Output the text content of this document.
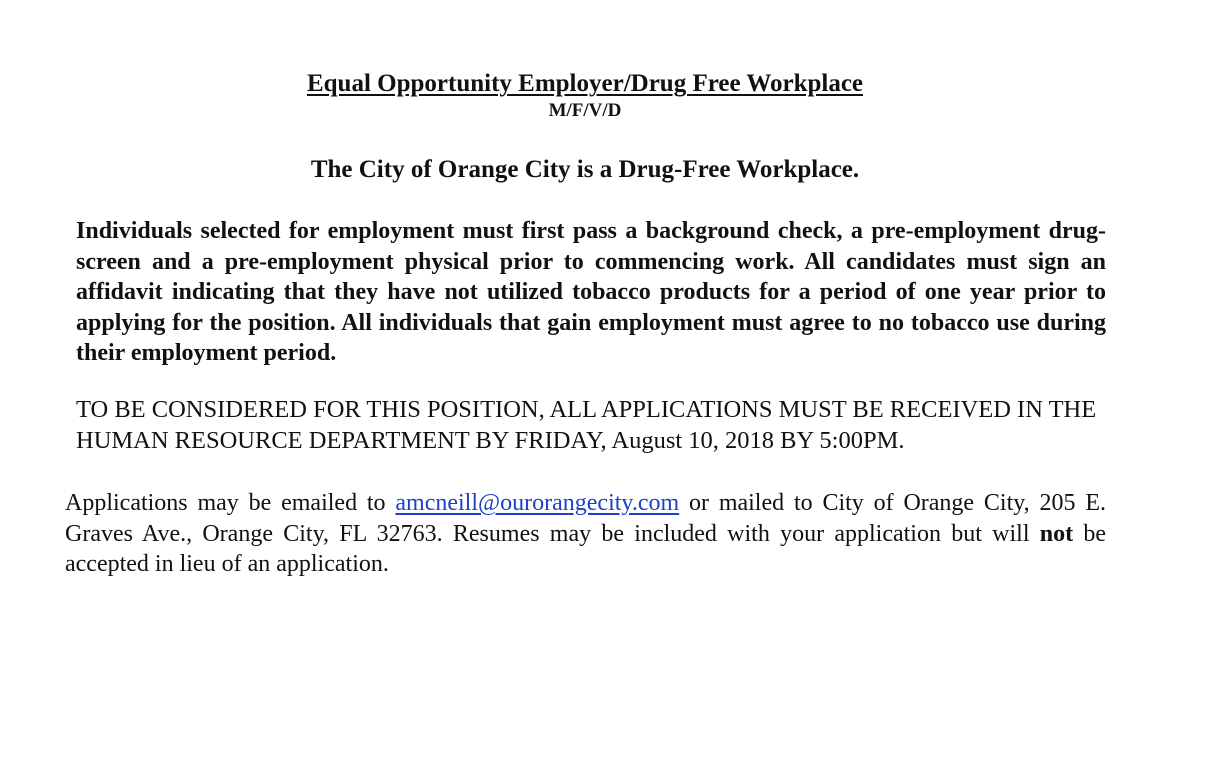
Equal Opportunity Employer/Drug Free Workplace
M/F/V/D
The City of Orange City is a Drug-Free Workplace.
Individuals selected for employment must first pass a background check, a pre-employment drug-screen and a pre-employment physical prior to commencing work. All candidates must sign an affidavit indicating that they have not utilized tobacco products for a period of one year prior to applying for the position. All individuals that gain employment must agree to no tobacco use during their employment period.
TO BE CONSIDERED FOR THIS POSITION, ALL APPLICATIONS MUST BE RECEIVED IN THE HUMAN RESOURCE DEPARTMENT BY FRIDAY, August 10, 2018 BY 5:00PM.
Applications may be emailed to amcneill@ourorangecity.com or mailed to City of Orange City, 205 E. Graves Ave., Orange City, FL 32763. Resumes may be included with your application but will not be accepted in lieu of an application.
